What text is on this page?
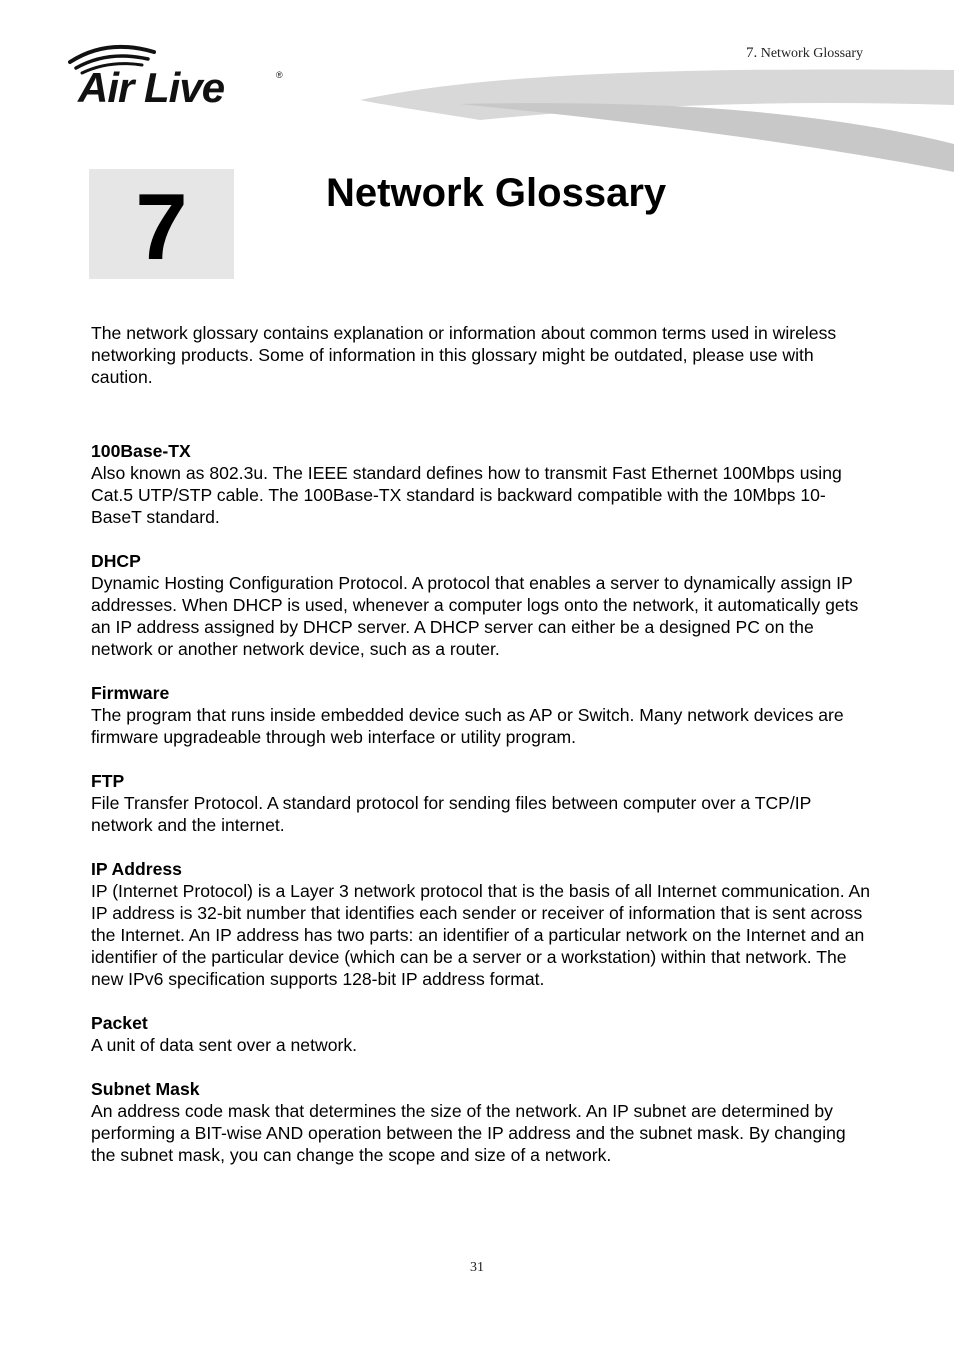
Air Live	®
7. Network Glossary
7	Network Glossary

The network glossary contains explanation or information about common terms used in wireless networking products. Some of information in this glossary might be outdated, please use with caution.

100Base-TX

Also known as 802.3u. The IEEE standard defines how to transmit Fast Ethernet 100Mbps using Cat.5 UTP/STP cable. The 100Base-TX standard is backward compatible with the 10Mbps 10-BaseT standard.

DHCP

Dynamic Hosting Configuration Protocol. A protocol that enables a server to dynamically assign IP addresses. When DHCP is used, whenever a computer logs onto the network, it automatically gets an IP address assigned by DHCP server. A DHCP server can either be a designed PC on the network or another network device, such as a router.

Firmware

The program that runs inside embedded device such as AP or Switch. Many network devices are firmware upgradeable through web interface or utility program.

FTP

File Transfer Protocol. A standard protocol for sending files between computer over a TCP/IP network and the internet.

IP Address

IP (Internet Protocol) is a Layer 3 network protocol that is the basis of all Internet communication. An IP address is 32-bit number that identifies each sender or receiver of information that is sent across the Internet. An IP address has two parts: an identifier of a particular network on the Internet and an identifier of the particular device (which can be a server or a workstation) within that network. The new IPv6 specification supports 128-bit IP address format.

Packet

A unit of data sent over a network.

Subnet Mask

An address code mask that determines the size of the network. An IP subnet are determined by performing a BIT-wise AND operation between the IP address and the subnet mask. By changing the subnet mask, you can change the scope and size of a network.

31
